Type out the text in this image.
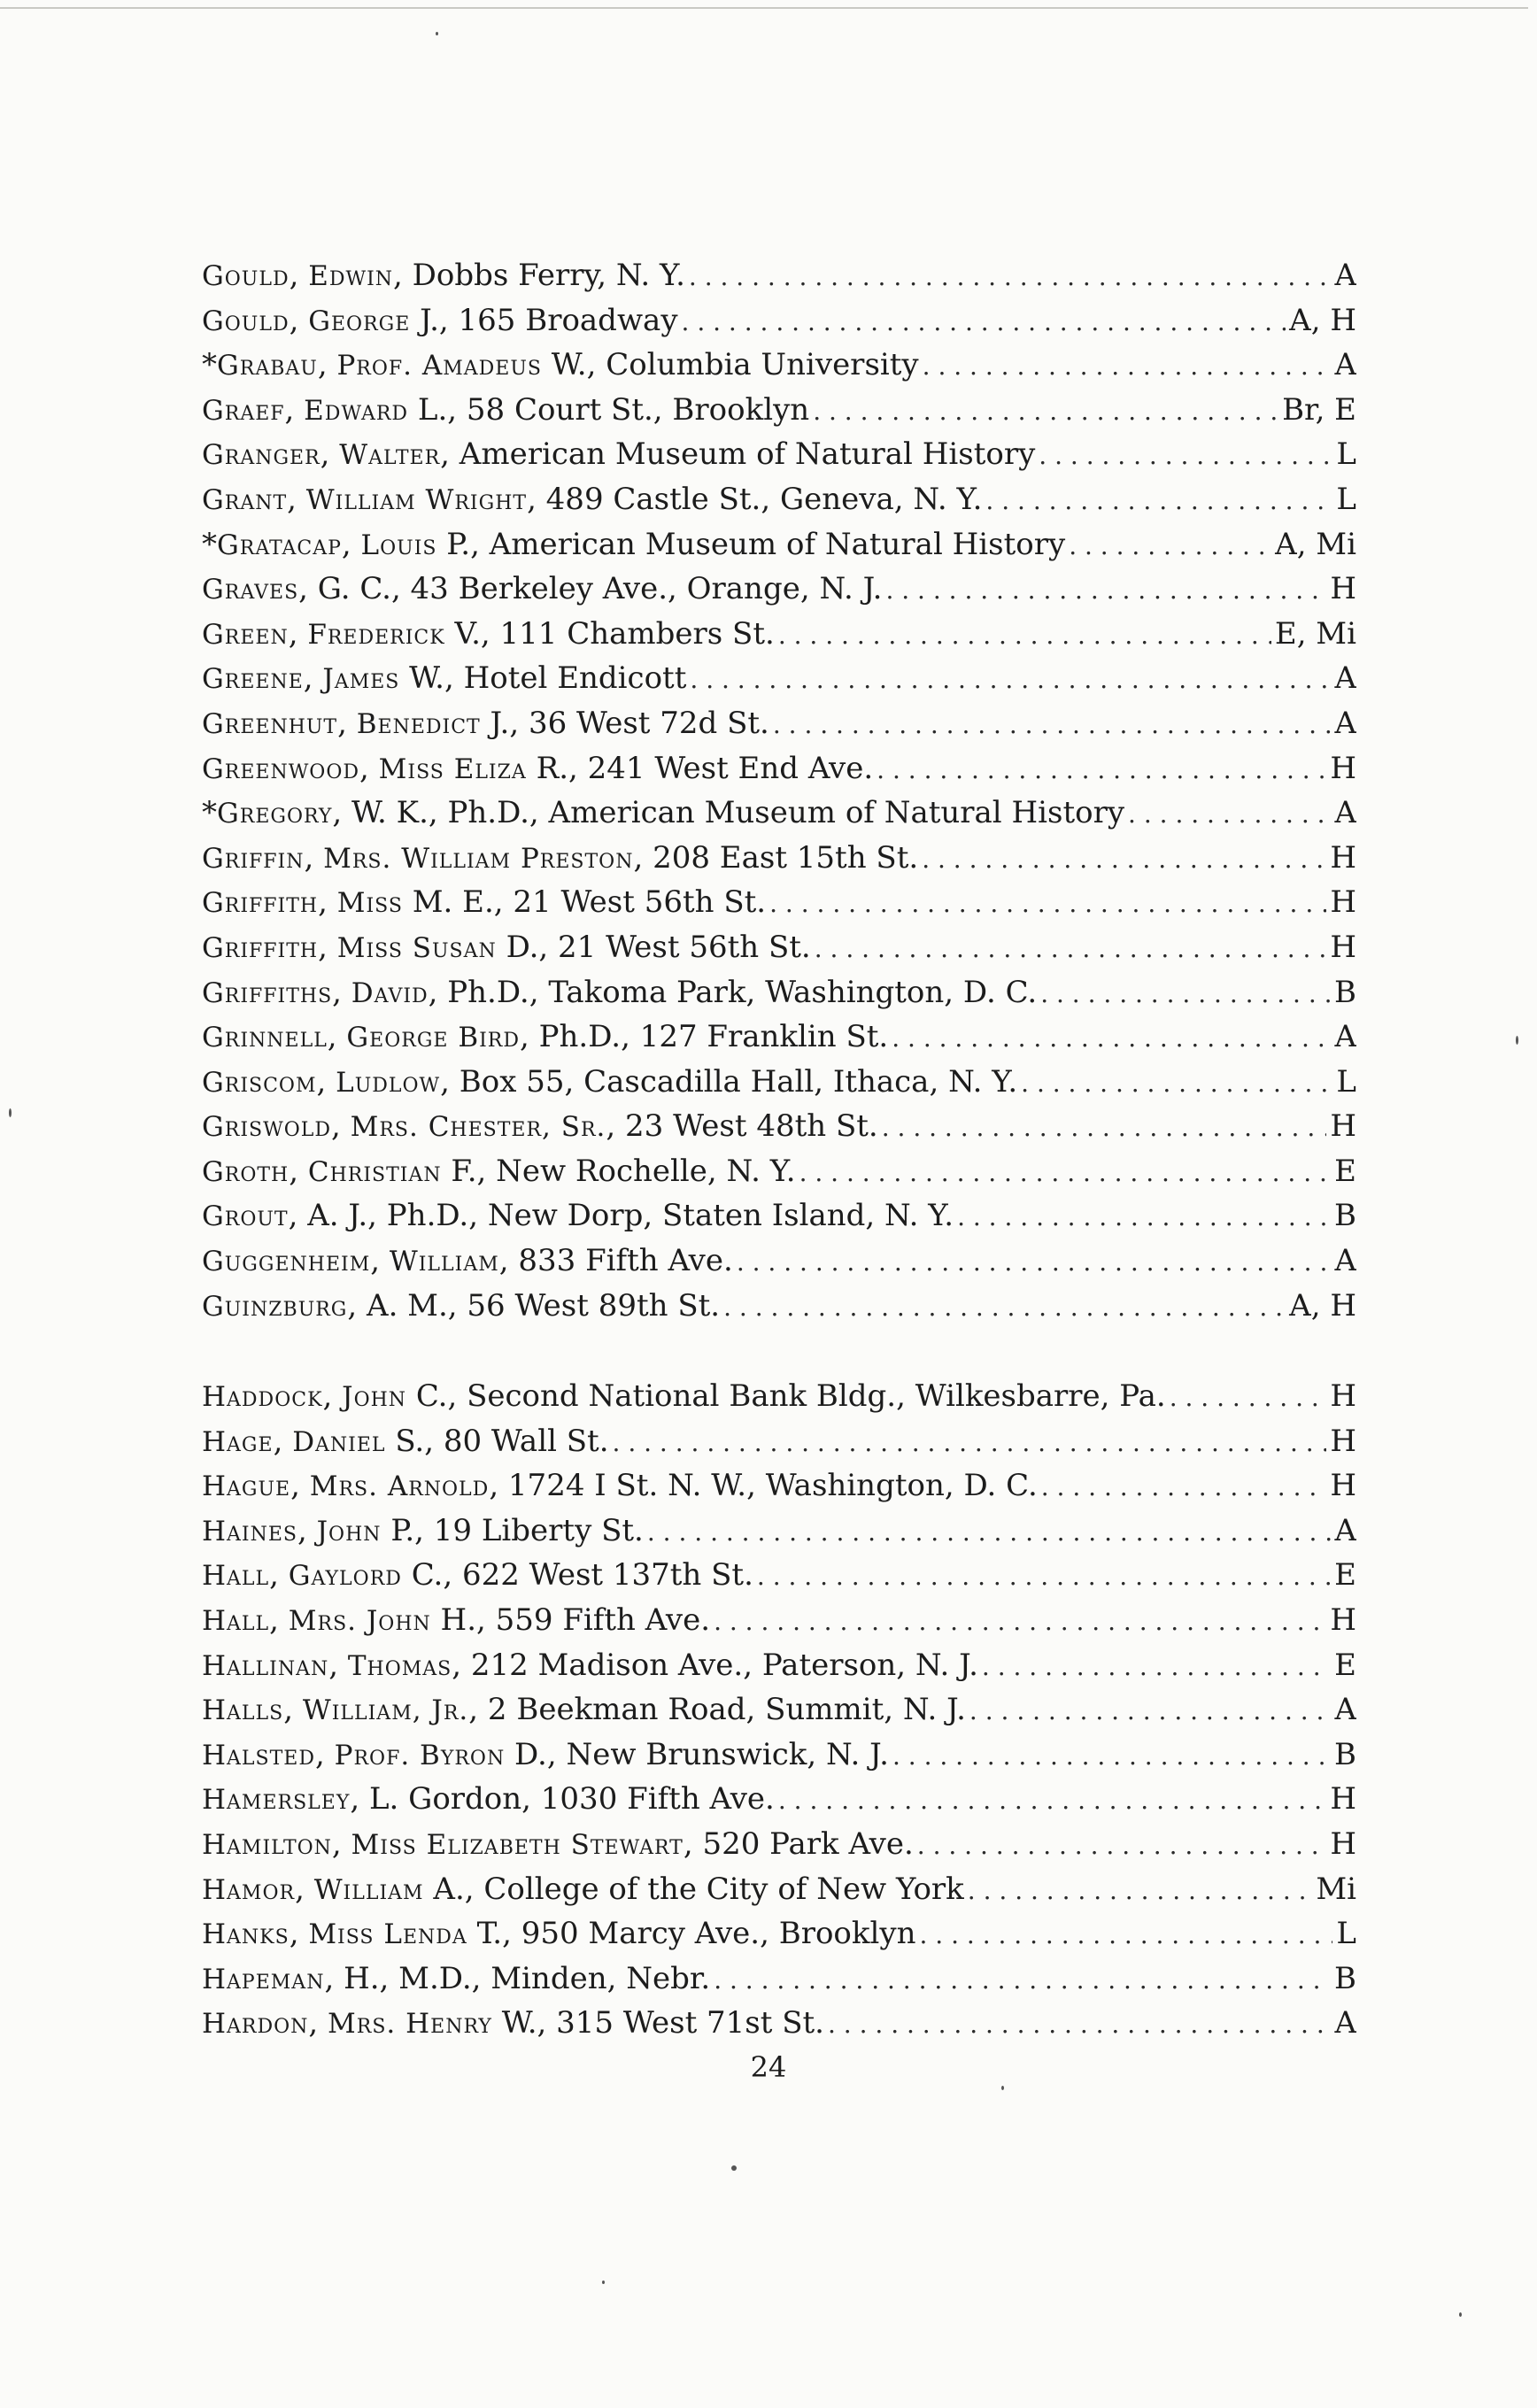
Gould, Edwin, Dobbs Ferry, N. Y. . . .	A
Gould, George J., 165 Broadway . . .	A, H
*Grabau, Prof. Amadeus W., Columbia University . . .	A
Graef, Edward L., 58 Court St., Brooklyn . . .	Br, E
Granger, Walter, American Museum of Natural History . . .	L
Grant, William Wright, 489 Castle St., Geneva, N. Y. . . .	L
*Gratacap, Louis P., American Museum of Natural History . . .	A, Mi
Graves, G. C., 43 Berkeley Ave., Orange, N. J. . . .	H
Green, Frederick V., 111 Chambers St. . . .	E, Mi
Greene, James W., Hotel Endicott . . .	A
Greenhut, Benedict J., 36 West 72d St. . . .	A
Greenwood, Miss Eliza R., 241 West End Ave. . . .	H
*Gregory, W. K., Ph.D., American Museum of Natural History . . .	A
Griffin, Mrs. William Preston, 208 East 15th St. . . .	H
Griffith, Miss M. E., 21 West 56th St. . . .	H
Griffith, Miss Susan D., 21 West 56th St. . . .	H
Griffiths, David, Ph.D., Takoma Park, Washington, D. C. . . .	B
Grinnell, George Bird, Ph.D., 127 Franklin St. . . .	A
Griscom, Ludlow, Box 55, Cascadilla Hall, Ithaca, N. Y. . . .	L
Griswold, Mrs. Chester, Sr., 23 West 48th St. . . .	H
Groth, Christian F., New Rochelle, N. Y. . . .	E
Grout, A. J., Ph.D., New Dorp, Staten Island, N. Y. . . .	B
Guggenheim, William, 833 Fifth Ave. . . .	A
Guinzburg, A. M., 56 West 89th St. . . .	A, H
Haddock, John C., Second National Bank Bldg., Wilkesbarre, Pa. . . .	H
Hage, Daniel S., 80 Wall St. . . .	H
Hague, Mrs. Arnold, 1724 I St. N. W., Washington, D. C. . . .	H
Haines, John P., 19 Liberty St. . . .	A
Hall, Gaylord C., 622 West 137th St. . . .	E
Hall, Mrs. John H., 559 Fifth Ave. . . .	H
Hallinan, Thomas, 212 Madison Ave., Paterson, N. J. . . .	E
Halls, William, Jr., 2 Beekman Road, Summit, N. J. . . .	A
Halsted, Prof. Byron D., New Brunswick, N. J. . . .	B
Hamersley, L. Gordon, 1030 Fifth Ave. . . .	H
Hamilton, Miss Elizabeth Stewart, 520 Park Ave. . . .	H
Hamor, William A., College of the City of New York . . .	Mi
Hanks, Miss Lenda T., 950 Marcy Ave., Brooklyn . . .	L
Hapeman, H., M.D., Minden, Nebr. . . .	B
Hardon, Mrs. Henry W., 315 West 71st St. . . .	A
24
